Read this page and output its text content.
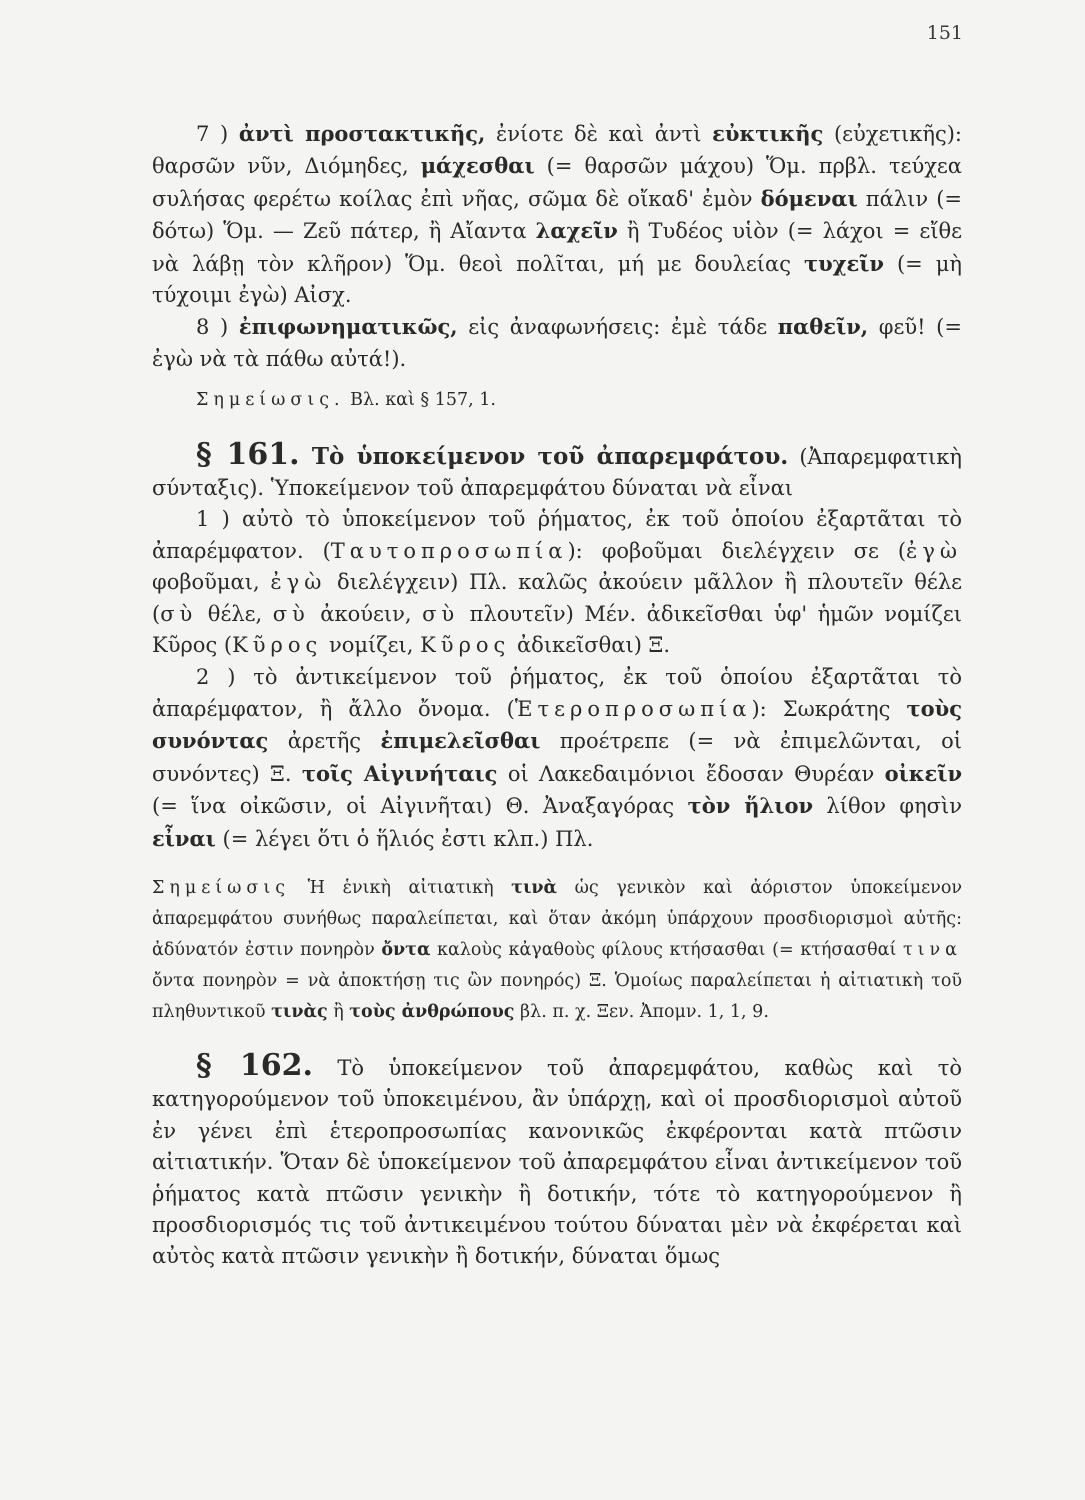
151

7 ) ἀντὶ προστακτικῆς, ἐνίοτε δὲ καὶ ἀντὶ εὐκτικῆς (εὐχετικῆς): θαρσῶν νῦν, Διόμηδες, μάχεσθαι (= θαρσῶν μάχου) Ὅμ. πρβλ. τεύχεα συλήσας φερέτω κοίλας ἐπὶ νῆας, σῶμα δὲ οἴκαδ' ἐμὸν δόμεναι πάλιν (= δότω) Ὅμ. — Ζεῦ πάτερ, ἢ Αἴαντα λαχεῖν ἢ Τυδέος υἱὸν (= λάχοι = εἴθε νὰ λάβῃ τὸν κλῆρον) Ὅμ. θεοὶ πολῖται, μή με δουλείας τυχεῖν (= μὴ τύχοιμι ἐγὼ) Αἰσχ.

8 ) ἐπιφωνηματικῶς, εἰς ἀναφωνήσεις: ἐμὲ τάδε παθεῖν, φεῦ! (= ἐγὼ νὰ τὰ πάθω αὐτά!).

Σημείωσις. Βλ. καὶ § 157, 1.

§ 161. Τὸ ὑποκείμενον τοῦ ἀπαρεμφάτου. (Ἀπαρεμφατικὴ σύνταξις). Ὑποκείμενον τοῦ ἀπαρεμφάτου δύναται νὰ εἶναι

1 ) αὐτὸ τὸ ὑποκείμενον τοῦ ῥήματος, ἐκ τοῦ ὁποίου ἐξαρτᾶται τὸ ἀπαρέμφατον. (Ταυτοπροσωπία): φοβοῦμαι διελέγχειν σε (ἐγὼ φοβοῦμαι, ἐγὼ διελέγχειν) Πλ. καλῶς ἀκούειν μᾶλλον ἢ πλουτεῖν θέλε (σὺ θέλε, σὺ ἀκούειν, σὺ πλουτεῖν) Μέν. ἀδικεῖσθαι ὑφ' ἡμῶν νομίζει Κῦρος (Κῦρος νομίζει, Κῦρος ἀδικεῖσθαι) Ξ.

2 ) τὸ ἀντικείμενον τοῦ ῥήματος, ἐκ τοῦ ὁποίου ἐξαρτᾶται τὸ ἀπαρέμφατον, ἢ ἄλλο ὄνομα. (Ἑτεροπροσωπία): Σωκράτης τοὺς συνόντας ἀρετῆς ἐπιμελεῖσθαι προέτρεπε (= νὰ ἐπιμελῶνται, οἱ συνόντες) Ξ. τοῖς Αἰγινήταις οἱ Λακεδαιμόνιοι ἔδοσαν Θυρέαν οἰκεῖν (= ἵνα οἰκῶσιν, οἱ Αἰγινῆται) Θ. Ἀναξαγόρας τὸν ἥλιον λίθον φησὶν εἶναι (= λέγει ὅτι ὁ ἥλιός ἐστι κλπ.) Πλ.

Σημείωσις Ἡ ἑνικὴ αἰτιατικὴ τινὰ ὡς γενικὸν καὶ ἀόριστον ὑποκείμενον ἀπαρεμφάτου συνήθως παραλείπεται, καὶ ὅταν ἀκόμη ὑπάρχουν προσδιορισμοὶ αὐτῆς: ἀδύνατόν ἐστιν πονηρὸν ὄντα καλοὺς κἀγαθοὺς φίλους κτήσασθαι (= κτήσασθαί τινα ὄντα πονηρὸν = νὰ ἀποκτήσῃ τις ὢν πονηρός) Ξ. Ὁμοίως παραλείπεται ἡ αἰτιατικὴ τοῦ πληθυντικοῦ τινὰς ἢ τοὺς ἀνθρώπους βλ. π. χ. Ξεν. Ἀπομν. 1, 1, 9.

§ 162. Τὸ ὑποκείμενον τοῦ ἀπαρεμφάτου, καθὼς καὶ τὸ κατηγορούμενον τοῦ ὑποκειμένου, ἂν ὑπάρχῃ, καὶ οἱ προσδιορισμοὶ αὐτοῦ ἐν γένει ἐπὶ ἑτεροπροσωπίας κανονικῶς ἐκφέρονται κατὰ πτῶσιν αἰτιατικήν. Ὅταν δὲ ὑποκείμενον τοῦ ἀπαρεμφάτου εἶναι ἀντικείμενον τοῦ ῥήματος κατὰ πτῶσιν γενικὴν ἢ δοτικήν, τότε τὸ κατηγορούμενον ἢ προσδιορισμός τις τοῦ ἀντικειμένου τούτου δύναται μὲν νὰ ἐκφέρεται καὶ αὐτὸς κατὰ πτῶσιν γενικὴν ἢ δοτικήν, δύναται ὅμως
